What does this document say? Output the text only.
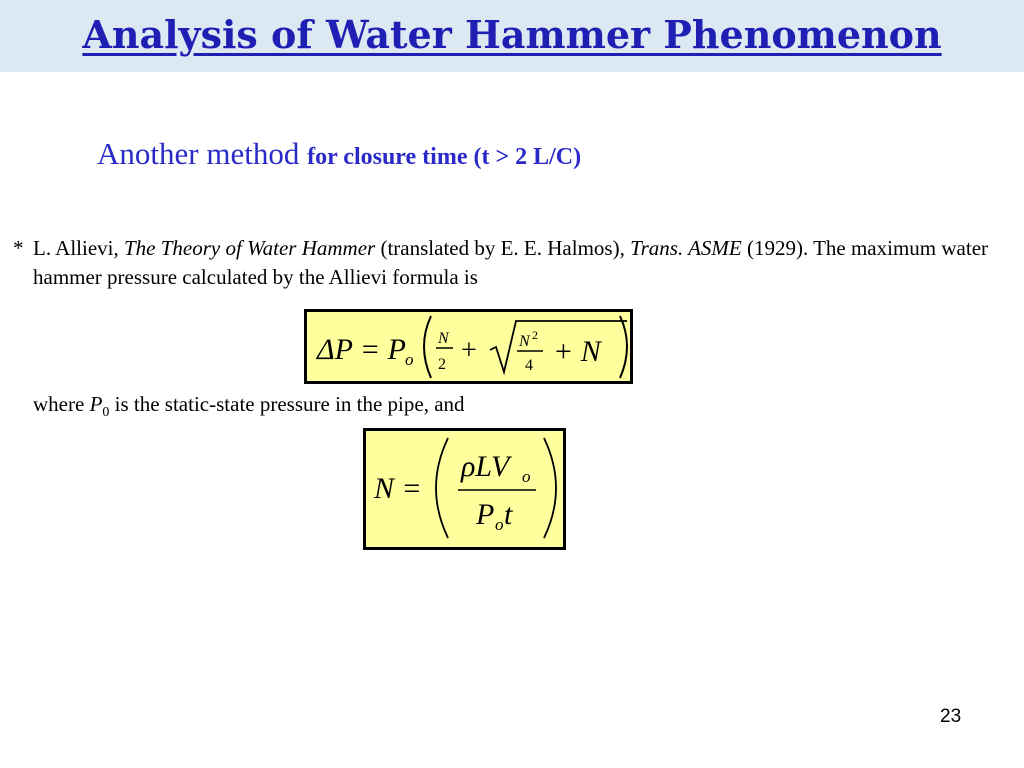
Analysis of Water Hammer Phenomenon
Another method for closure time (t > 2 L/C)
* L. Allievi, The Theory of Water Hammer (translated by E. E. Halmos), Trans. ASME (1929). The maximum water hammer pressure calculated by the Allievi formula is
ΔP = P o
N
2 +	N 2
4 + N
where $P_0$ is the static-state pressure in the pipe, and
N =
ρLV o
P o t
23
